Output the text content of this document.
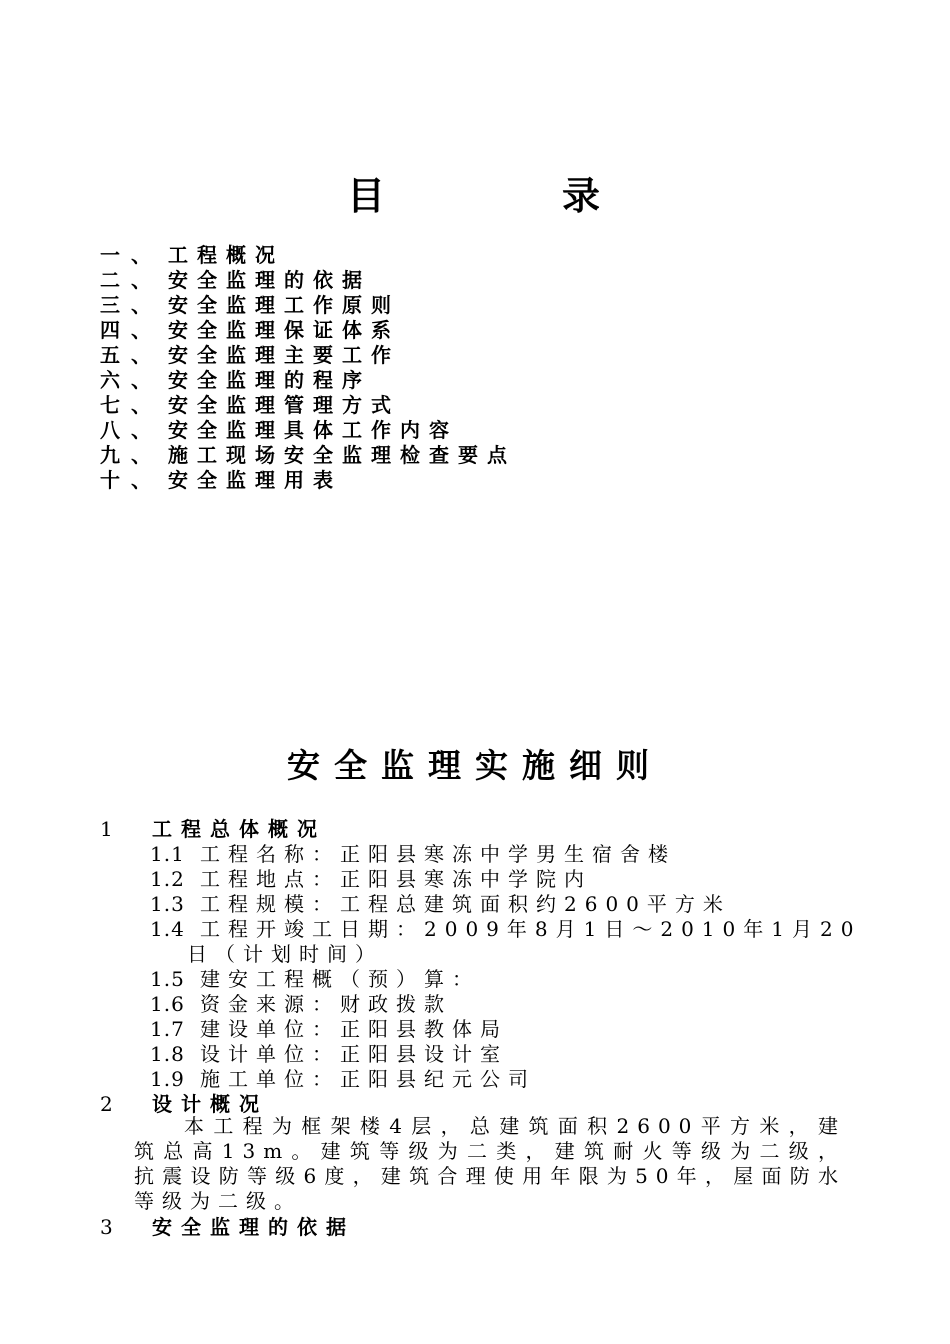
目	录
一、 工程概况
二、 安全监理的依据
三、 安全监理工作原则
四、 安全监理保证体系
五、 安全监理主要工作
六、 安全监理的程序
七、 安全监理管理方式
八、 安全监理具体工作内容
九、 施工现场安全监理检查要点
十、 安全监理用表
安全监理实施细则
1 工程总体概况
1.1 工程名称：正阳县寒冻中学男生宿舍楼
1.2 工程地点：正阳县寒冻中学院内
1.3 工程规模：工程总建筑面积约2600平方米
1.4 工程开竣工日期：2009年8月1日～2010年1月20
日（计划时间）
1.5 建安工程概（预）算：
1.6 资金来源：财政拨款
1.7 建设单位：正阳县教体局
1.8 设计单位：正阳县设计室
1.9 施工单位：正阳县纪元公司
2 设计概况
本工程为框架楼4层，总建筑面积2600平方米，建筑总高13m。建筑等级为二类，建筑耐火等级为二级，抗震设防等级6度，建筑合理使用年限为50年，屋面防水等级为二级。
3 安全监理的依据
